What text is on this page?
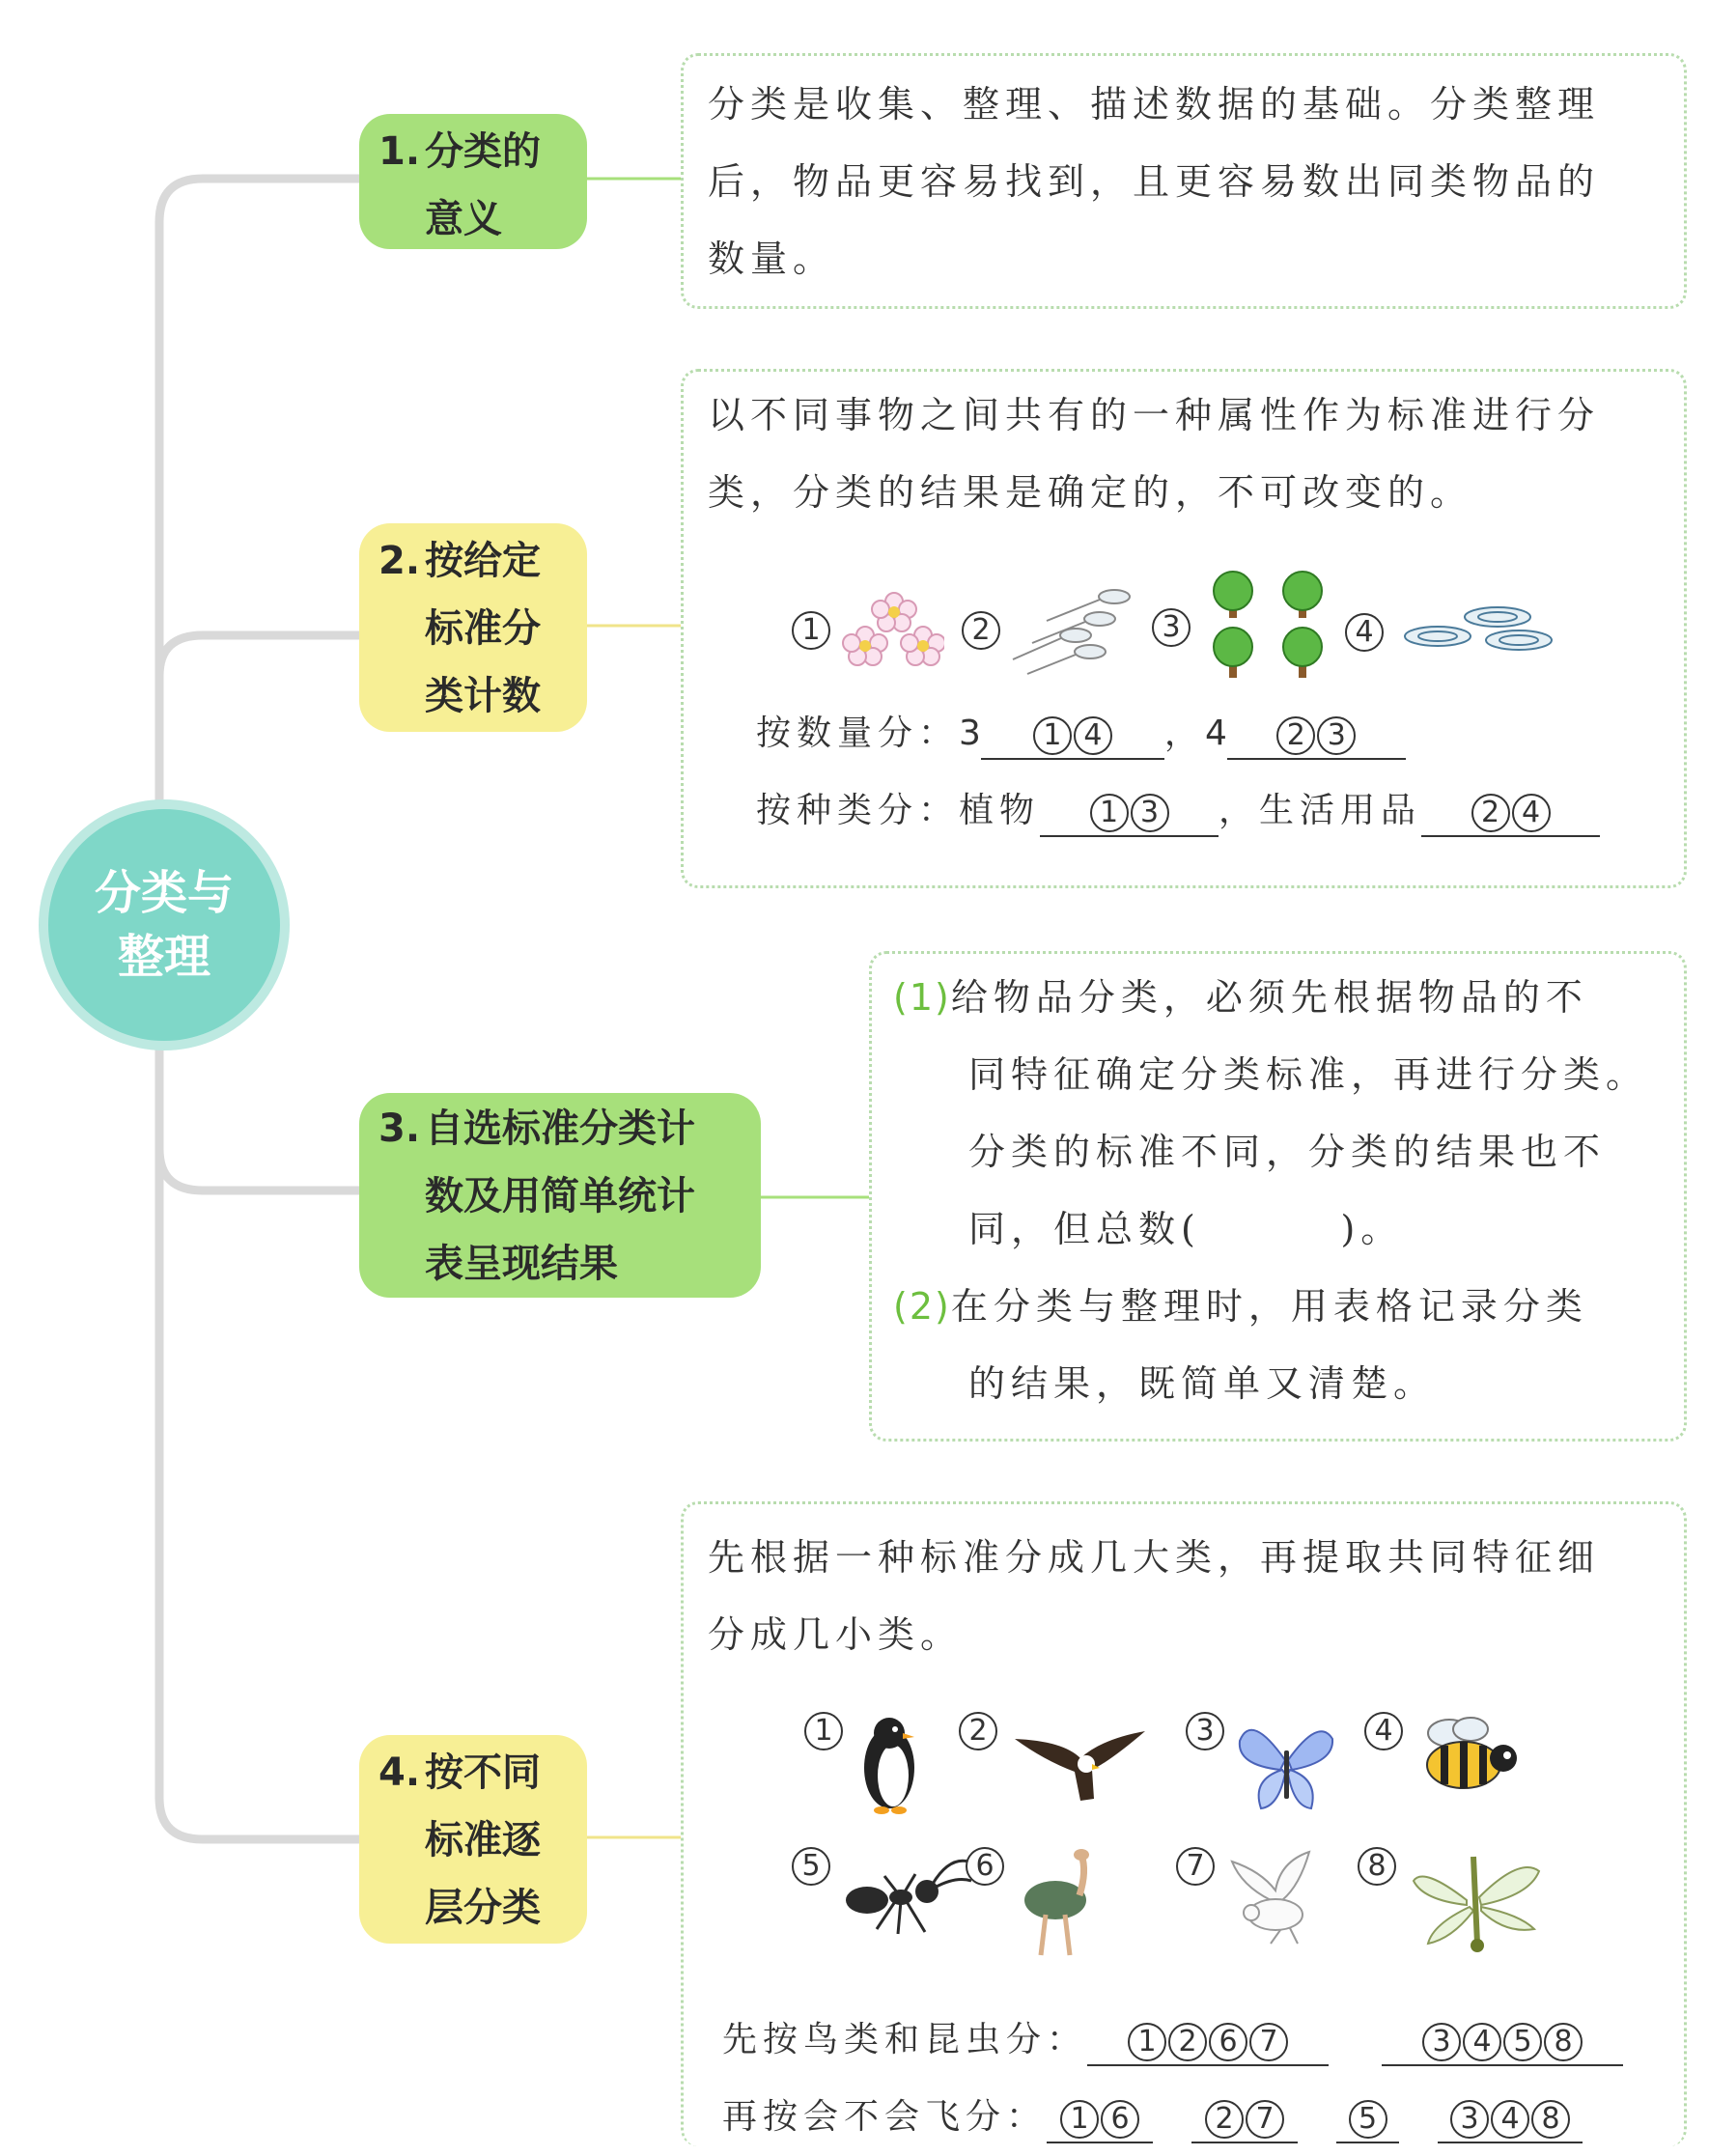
分类与
整理
1. 分类的
意义
2. 按给定
标准分
类计数
3. 自选标准分类计
数及用简单统计
表呈现结果
4. 按不同
标准逐
层分类
分类是收集、整理、描述数据的基础。分类整理
后，物品更容易找到，且更容易数出同类物品的
数量。
以不同事物之间共有的一种属性作为标准进行分
类，分类的结果是确定的，不可改变的。
1	2	3	4
按数量分：3 1 4 ，4 2 3
按种类分：植物 1 3 ，生活用品 2 4
(1)给物品分类，必须先根据物品的不
同特征确定分类标准，再进行分类。
分类的标准不同，分类的结果也不
同，但总数(        )。
(2)在分类与整理时，用表格记录分类
的结果，既简单又清楚。
先根据一种标准分成几大类，再提取共同特征细
分成几小类。
1	2	3	4
5	6	7	8
先按鸟类和昆虫分： 1 2 6 7	3 4 5 8
再按会不会飞分： 1 6	2 7	5	3 4 8
